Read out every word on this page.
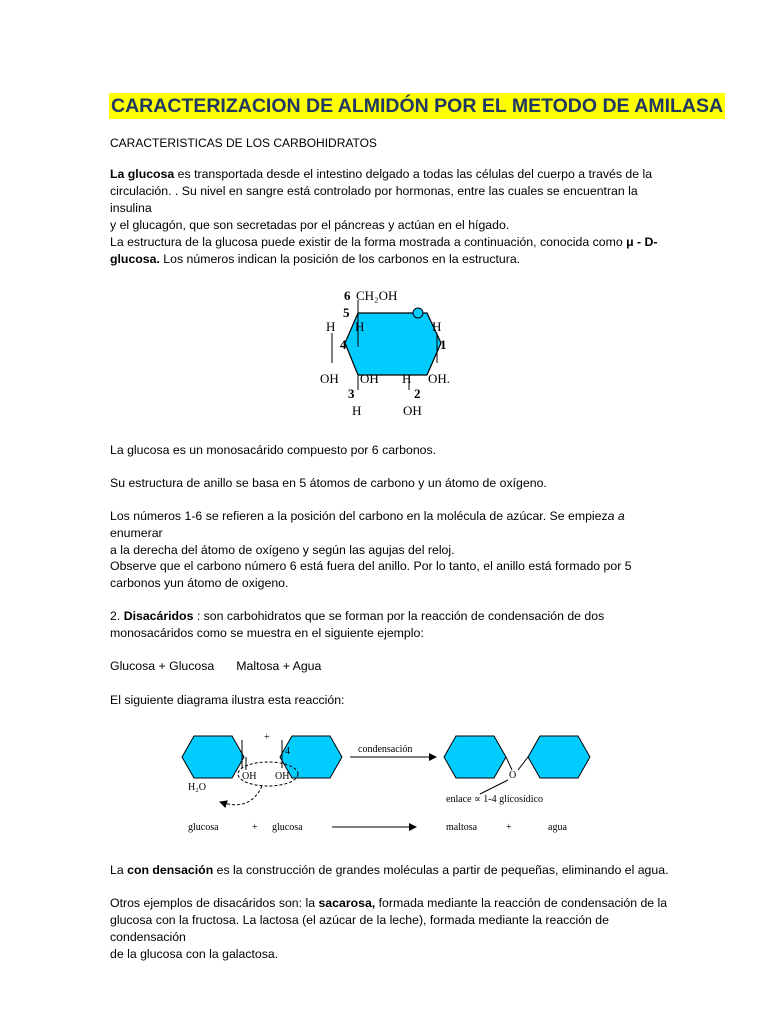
CARACTERIZACION DE ALMIDÓN POR EL METODO DE AMILASA
CARACTERISTICAS DE LOS CARBOHIDRATOS
La glucosa es transportada desde el intestino delgado a todas las células del cuerpo a través de la
circulación. . Su nivel en sangre está controlado por hormonas, entre las cuales se encuentran la insulina
y el glucagón, que son secretadas por el páncreas y actúan en el hígado.
La estructura de la glucosa puede existir de la forma mostrada a continuación, conocida como μ - D-
glucosa. Los números indican la posición de los carbonos en la estructura.
6 CH₂OH
5
H H	H
4	1
OH OH H OH.
3	2
H	OH
La glucosa es un monosacárido compuesto por 6 carbonos.
Su estructura de anillo se basa en 5 átomos de carbono y un átomo de oxígeno.
Los números 1-6 se refieren a la posición del carbono en la molécula de azúcar. Se empieza a enumerar
a la derecha del átomo de oxígeno y según las agujas del reloj.
Observe que el carbono número 6 está fuera del anillo. Por lo tanto, el anillo está formado por 5
carbonos yun átomo de oxigeno.
2. Disacáridos : son carbohidratos que se forman por la reacción de condensación de dos
monosacáridos como se muestra en el siguiente ejemplo:
Glucosa + Glucosa Maltosa + Agua
El siguiente diagrama ilustra esta reacción:
+
4
OH OH
H₂O
condensación
O
enlace ∝ 1-4 glicosídico
glucosa	+ glucosa	maltosa	+	agua
La con densación es la construcción de grandes moléculas a partir de pequeñas, eliminando el agua.
Otros ejemplos de disacáridos son: la sacarosa, formada mediante la reacción de condensación de la
glucosa con la fructosa. La lactosa (el azúcar de la leche), formada mediante la reacción de condensación
de la glucosa con la galactosa.
